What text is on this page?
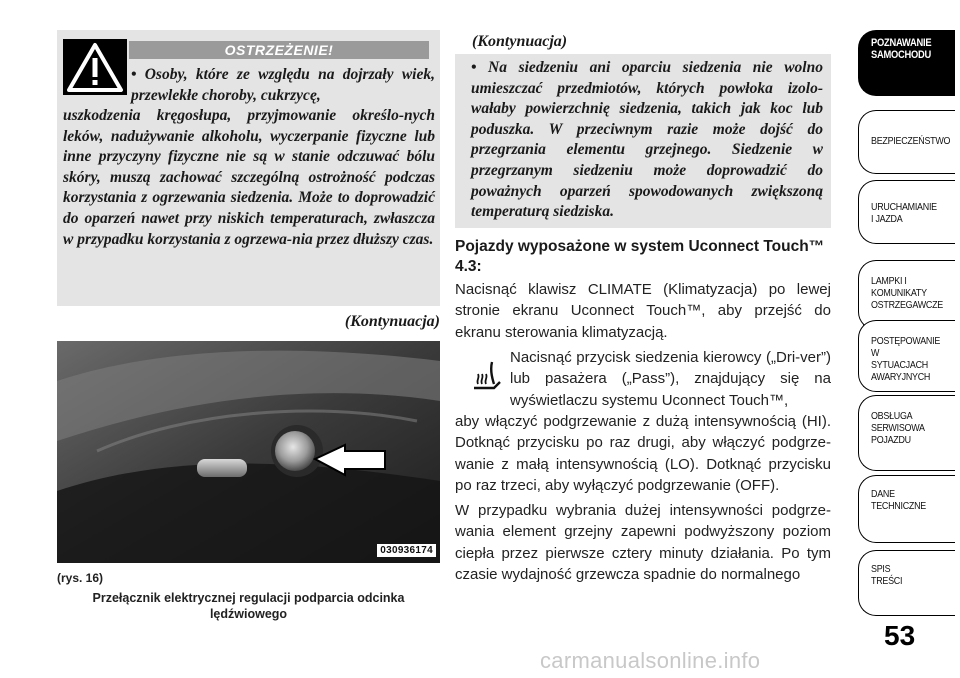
OSTRZEŻENIE!
• Osoby, które ze względu na dojrzały wiek, przewlekłe choroby, cukrzycę,
uszkodzenia kręgosłupa, przyjmowanie określo-nych leków, nadużywanie alkoholu, wyczerpanie fizyczne lub inne przyczyny fizyczne nie są w stanie odczuwać bólu skóry, muszą zachować szczególną ostrożność podczas korzystania z ogrzewania siedzenia. Może to doprowadzić do oparzeń nawet przy niskich temperaturach, zwłaszcza w przypadku korzystania z ogrzewa-nia przez dłuższy czas.
(Kontynuacja)
030936174
(rys. 16)
Przełącznik elektrycznej regulacji podparcia odcinka lędźwiowego
(Kontynuacja)
• Na siedzeniu ani oparciu siedzenia nie wolno umieszczać przedmiotów, których powłoka izolo-wałaby powierzchnię siedzenia, takich jak koc lub poduszka. W przeciwnym razie może dojść do przegrzania elementu grzejnego. Siedzenie w przegrzanym siedzeniu może doprowadzić do poważnych oparzeń spowodowanych zwiększoną temperaturą siedziska.
Pojazdy wyposażone w system Uconnect Touch™ 4.3:
Nacisnąć klawisz CLIMATE (Klimatyzacja) po lewej stronie ekranu Uconnect Touch™, aby przejść do ekranu sterowania klimatyzacją.
Nacisnąć przycisk siedzenia kierowcy („Dri-ver”) lub pasażera („Pass”), znajdujący się na wyświetlaczu systemu Uconnect Touch™,
aby włączyć podgrzewanie z dużą intensywnością (HI). Dotknąć przycisku po raz drugi, aby włączyć podgrze-wanie z małą intensywnością (LO). Dotknąć przycisku po raz trzeci, aby wyłączyć podgrzewanie (OFF).
W przypadku wybrania dużej intensywności podgrze-wania element grzejny zapewni podwyższony poziom ciepła przez pierwsze cztery minuty działania. Po tym czasie wydajność grzewcza spadnie do normalnego
POZNAWANIE
SAMOCHODU
BEZPIECZEŃSTWO
URUCHAMIANIE
I JAZDA
LAMPKI I
KOMUNIKATY
OSTRZEGAWCZE
POSTĘPOWANIE
W SYTUACJACH
AWARYJNYCH
OBSŁUGA
SERWISOWA
POJAZDU
DANE
TECHNICZNE
SPIS
TREŚCI
53
carmanualsonline.info
